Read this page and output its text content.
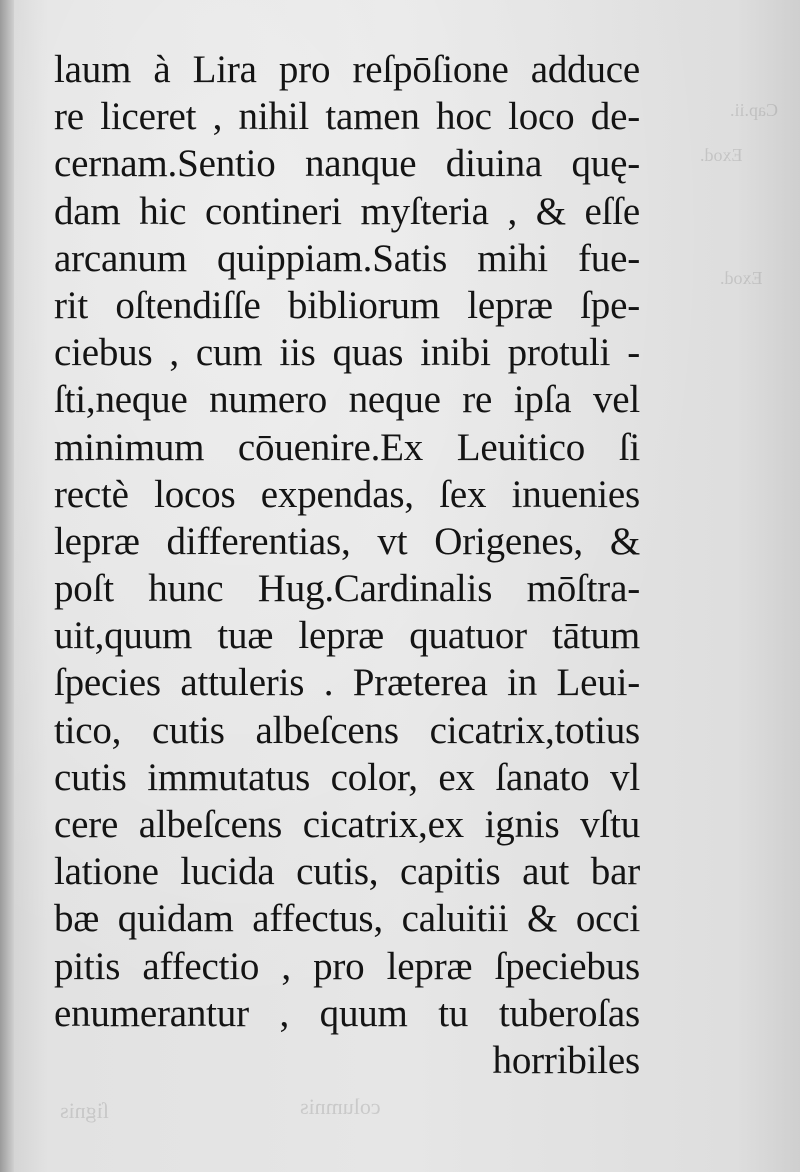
Cap.ii.
Exod.
Exod.
ſignis	columnis
laum à Lira pro reſpōſione adduce
re liceret , nihil tamen hoc loco de-
cernam.Sentio nanque diuina quę-
dam hic contineri myſteria , & eſſe
arcanum quippiam.Satis mihi fue-
rit oſtendiſſe bibliorum lepræ ſpe-
ciebus , cum iis quas inibi protuli -
ſti,neque numero neque re ipſa vel
minimum cōuenire.Ex Leuitico ſi
rectè locos expendas, ſex inuenies
lepræ differentias, vt Origenes, &
poſt hunc Hug.Cardinalis mōſtra-
uit,quum tuæ lepræ quatuor tātum
ſpecies attuleris . Præterea in Leui-
tico, cutis albeſcens cicatrix,totius
cutis immutatus color, ex ſanato vl
cere albeſcens cicatrix,ex ignis vſtu
latione lucida cutis, capitis aut bar
bæ quidam affectus, caluitii & occi
pitis affectio , pro lepræ ſpeciebus
enumerantur , quum tu tuberoſas
horribiles
